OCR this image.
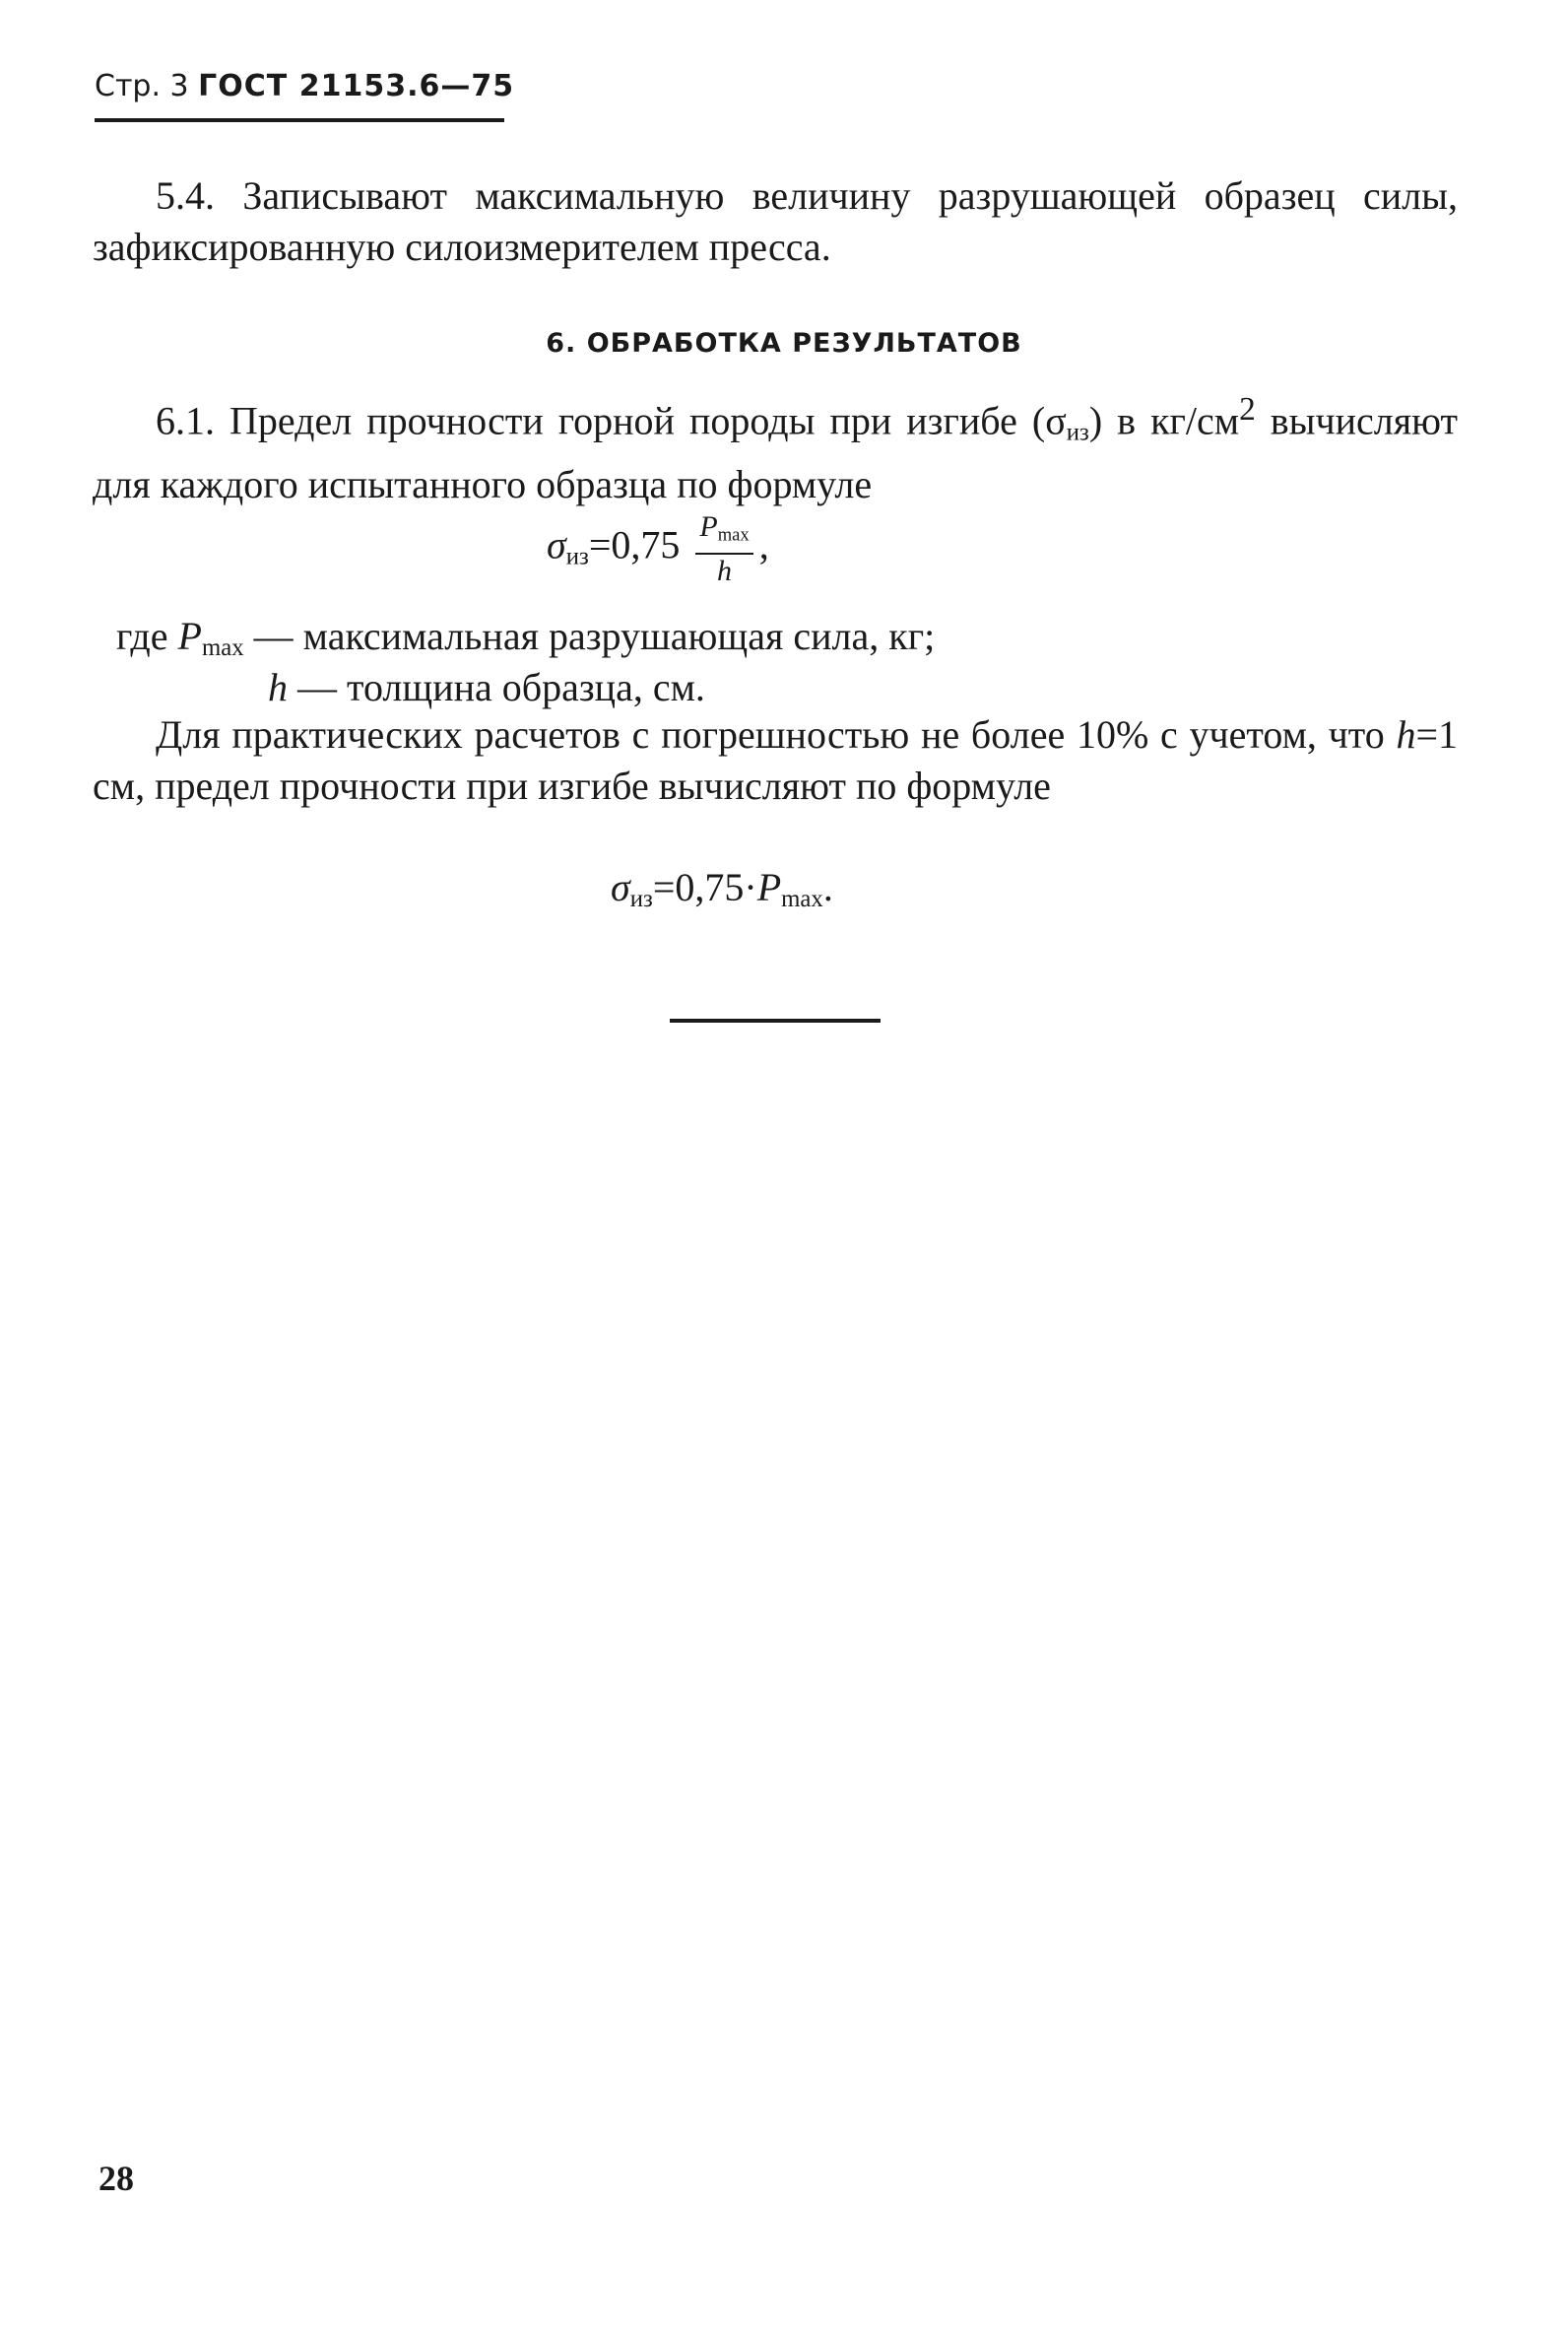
Стр. 3 ГОСТ 21153.6—75
5.4. Записывают максимальную величину разрушающей образец силы, зафиксированную силоизмерителем пресса.
6. ОБРАБОТКА РЕЗУЛЬТАТОВ
6.1. Предел прочности горной породы при изгибе $(\sigma_{из})$ в $кг/см^2$ вычисляют для каждого испытанного образца по формуле
$\sigma_{из}=0,75 \frac{P_{max}}{h}$ ,
где $P_{max}$ — максимальная разрушающая сила, кг;
h — толщина образца, см.
Для практических расчетов с погрешностью не более 10% с учетом, что h=1 см, предел прочности при изгибе вычисляют по формуле
$\sigma_{из}=0,75\cdot P_{max}$.
28
